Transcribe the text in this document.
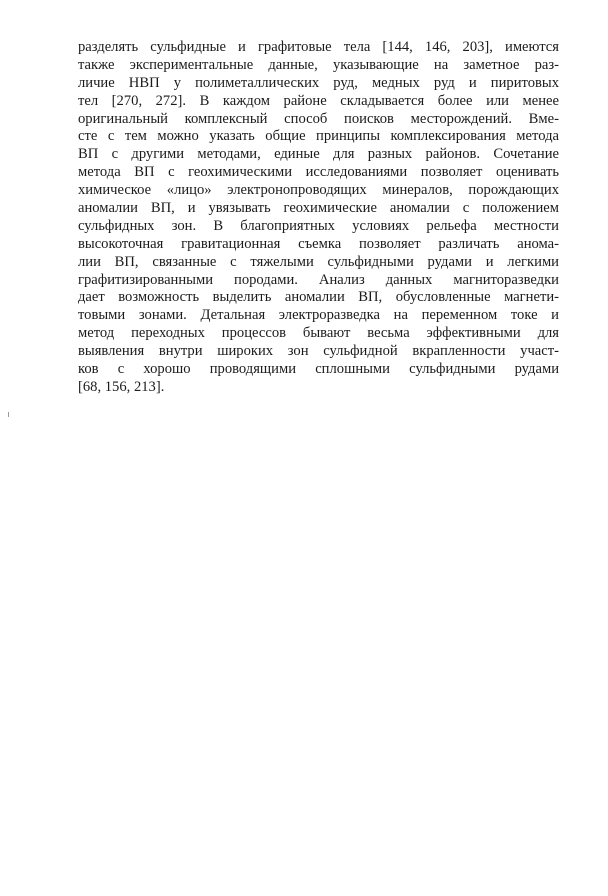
разделять сульфидные и графитовые тела [144, 146, 203], имеются
также экспериментальные данные, указывающие на заметное раз-
личие НВП у полиметаллических руд, медных руд и пиритовых
тел [270, 272]. В каждом районе складывается более или менее
оригинальный комплексный способ поисков месторождений. Вме-
сте с тем можно указать общие принципы комплексирования метода
ВП с другими методами, единые для разных районов. Сочетание
метода ВП с геохимическими исследованиями позволяет оценивать
химическое «лицо» электронопроводящих минералов, порождающих
аномалии ВП, и увязывать геохимические аномалии с положением
сульфидных зон. В благоприятных условиях рельефа местности
высокоточная гравитационная съемка позволяет различать анома-
лии ВП, связанные с тяжелыми сульфидными рудами и легкими
графитизированными породами. Анализ данных магниторазведки
дает возможность выделить аномалии ВП, обусловленные магнети-
товыми зонами. Детальная электроразведка на переменном токе и
метод переходных процессов бывают весьма эффективными для
выявления внутри широких зон сульфидной вкрапленности участ-
ков с хорошо проводящими сплошными сульфидными рудами
[68, 156, 213].
